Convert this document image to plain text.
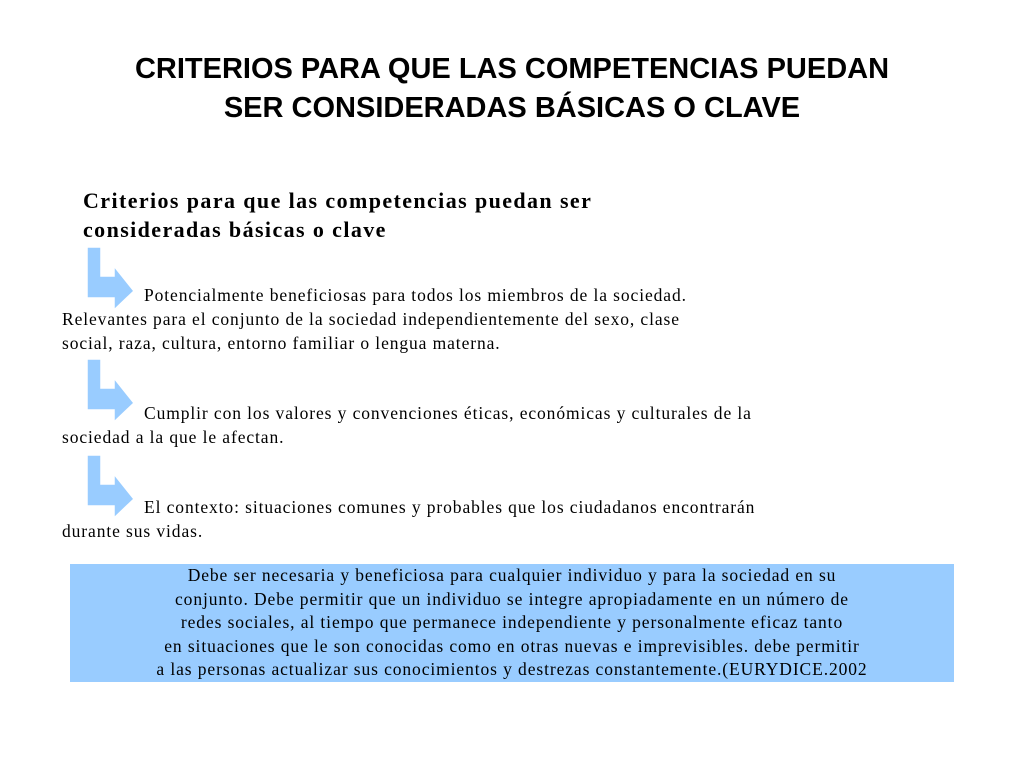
CRITERIOS PARA QUE LAS COMPETENCIAS PUEDAN
SER CONSIDERADAS BÁSICAS O CLAVE
Criterios para que las competencias puedan ser
consideradas básicas o clave
Potencialmente beneficiosas para todos los miembros de la sociedad.
Relevantes para el conjunto de la sociedad independientemente del sexo, clase
social, raza, cultura, entorno familiar o lengua materna.
Cumplir con los valores y convenciones éticas, económicas y culturales de la
sociedad a la que le afectan.
El contexto: situaciones comunes y probables que los ciudadanos encontrarán
durante sus vidas.
Debe ser necesaria y beneficiosa para cualquier individuo y para la sociedad en su
conjunto. Debe permitir que un individuo se integre apropiadamente en un número de
redes sociales, al tiempo que permanece independiente y personalmente eficaz tanto
en situaciones que le son conocidas como en otras nuevas e imprevisibles. debe permitir
a las personas actualizar sus conocimientos y destrezas constantemente.(EURYDICE.2002
